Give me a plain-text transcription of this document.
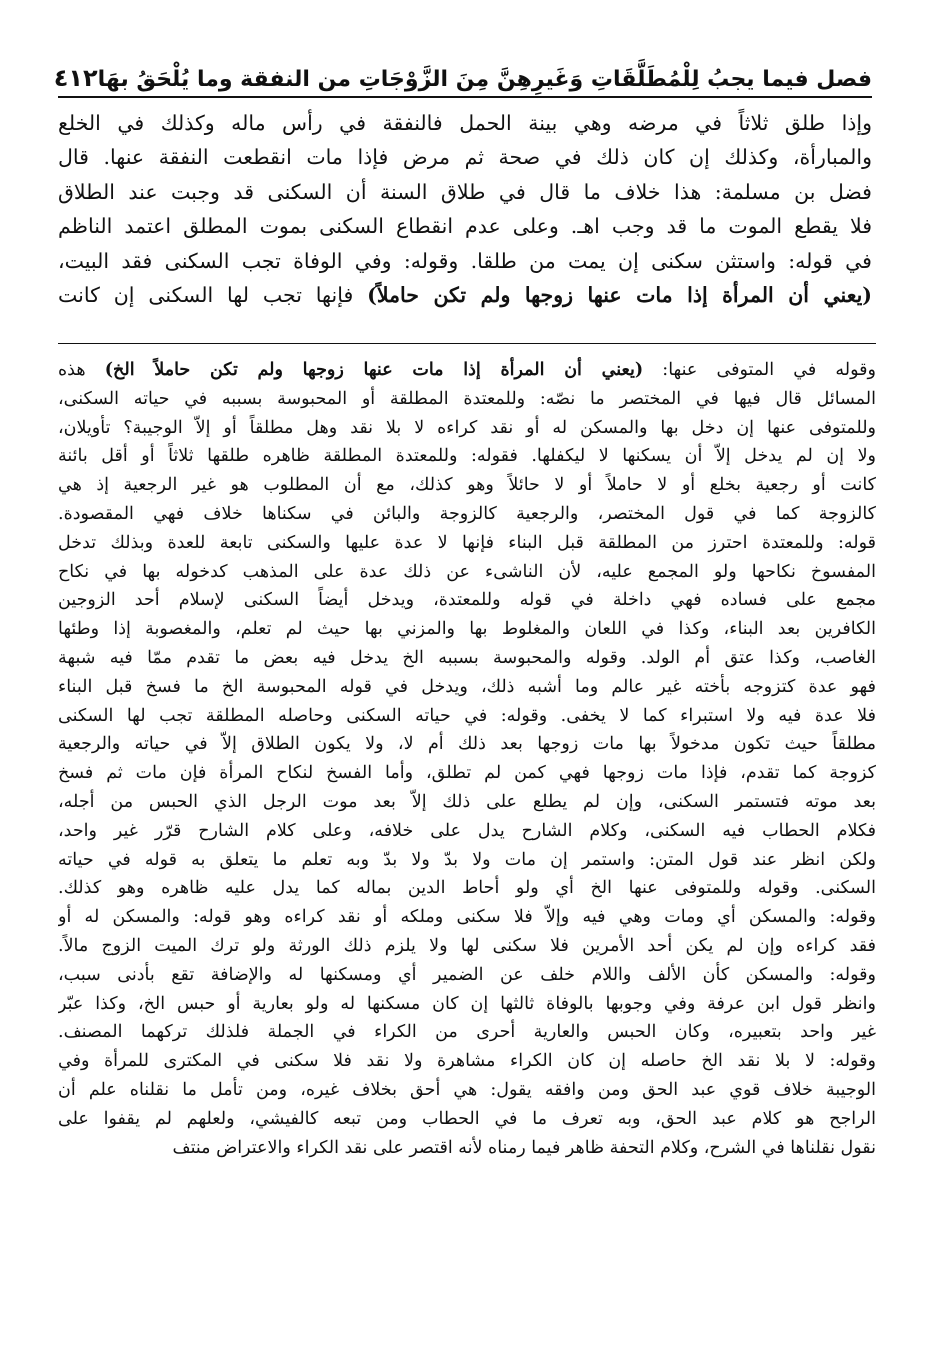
فصل فيما يجبُ لِلْمُطَلَّقَاتِ وَغَيرِهِنَّ مِنَ الزَّوْجَاتِ من النفقة وما يُلْحَقُ بهَا
٤١٢
وإذا طلق ثلاثاً في مرضه وهي بينة الحمل فالنفقة في رأس ماله وكذلك في الخلع
والمبارأة، وكذلك إن كان ذلك في صحة ثم مرض فإذا مات انقطعت النفقة عنها. قال
فضل بن مسلمة: هذا خلاف ما قال في طلاق السنة أن السكنى قد وجبت عند الطلاق
فلا يقطع الموت ما قد وجب اهـ. وعلى عدم انقطاع السكنى بموت المطلق اعتمد الناظم
في قوله: واستثن سكنى إن يمت من طلقا. وقوله: وفي الوفاة تجب السكنى فقد البيت،
(يعني أن المرأة إذا مات عنها زوجها ولم تكن حاملاً) فإنها تجب لها السكنى إن كانت
وقوله في المتوفى عنها: (يعني أن المرأة إذا مات عنها زوجها ولم تكن حاملاً الخ) هذه
المسائل قال فيها في المختصر ما نصّه: وللمعتدة المطلقة أو المحبوسة بسببه في حياته السكنى،
وللمتوفى عنها إن دخل بها والمسكن له أو نقد كراءه لا بلا نقد وهل مطلقاً أو إلاّ الوجيبة؟ تأويلان،
ولا إن لم يدخل إلاّ أن يسكنها لا ليكفلها. فقوله: وللمعتدة المطلقة ظاهره طلقها ثلاثاً أو أقل بائنة
كانت أو رجعية بخلع أو لا حاملاً أو لا حائلاً وهو كذلك، مع أن المطلوب هو غير الرجعية إذ هي
كالزوجة كما في قول المختصر، والرجعية كالزوجة والبائن في سكناها خلاف فهي المقصودة.
قوله: وللمعتدة احترز من المطلقة قبل البناء فإنها لا عدة عليها والسكنى تابعة للعدة وبذلك تدخل
المفسوخ نكاحها ولو المجمع عليه، لأن الناشىء عن ذلك عدة على المذهب كدخوله بها في نكاح
مجمع على فساده فهي داخلة في قوله وللمعتدة، ويدخل أيضاً السكنى لإسلام أحد الزوجين
الكافرين بعد البناء، وكذا في اللعان والمغلوط بها والمزني بها حيث لم تعلم، والمغصوبة إذا وطئها
الغاصب، وكذا عتق أم الولد. وقوله والمحبوسة بسببه الخ يدخل فيه بعض ما تقدم ممّا فيه شبهة
فهو عدة كتزوجه بأخته غير عالم وما أشبه ذلك، ويدخل في قوله المحبوسة الخ ما فسخ قبل البناء
فلا عدة فيه ولا استبراء كما لا يخفى. وقوله: في حياته السكنى وحاصله المطلقة تجب لها السكنى
مطلقاً حيث تكون مدخولاً بها مات زوجها بعد ذلك أم لا، ولا يكون الطلاق إلاّ في حياته والرجعية
كزوجة كما تقدم، فإذا مات زوجها فهي كمن لم تطلق، وأما الفسخ لنكاح المرأة فإن مات ثم فسخ
بعد موته فتستمر السكنى، وإن لم يطلع على ذلك إلاّ بعد موت الرجل الذي الحبس من أجله،
فكلام الحطاب فيه السكنى، وكلام الشارح يدل على خلافه، وعلى كلام الشارح قرّر غير واحد،
ولكن انظر عند قول المتن: واستمر إن مات ولا بدّ ولا بدّ وبه تعلم ما يتعلق به قوله في حياته
السكنى. وقوله وللمتوفى عنها الخ أي ولو أحاط الدين بماله كما يدل عليه ظاهره وهو كذلك.
وقوله: والمسكن أي ومات وهي فيه وإلاّ فلا سكنى وملكه أو نقد كراءه وهو قوله: والمسكن له أو
فقد كراءه وإن لم يكن أحد الأمرين فلا سكنى لها ولا يلزم ذلك الورثة ولو ترك الميت الزوج مالاً.
وقوله: والمسكن كأن الألف واللام خلف عن الضمير أي ومسكنها له والإضافة تقع بأدنى سبب،
وانظر قول ابن عرفة وفي وجوبها بالوفاة ثالثها إن كان مسكنها له ولو بعارية أو حبس الخ، وكذا عبّر
غير واحد بتعبيره، وكان الحبس والعارية أحرى من الكراء في الجملة فلذلك تركهما المصنف.
وقوله: لا بلا نقد الخ حاصله إن كان الكراء مشاهرة ولا نقد فلا سكنى في المكترى للمرأة وفي
الوجيبة خلاف قوي عبد الحق ومن وافقه يقول: هي أحق بخلاف غيره، ومن تأمل ما نقلناه علم أن
الراجح هو كلام عبد الحق، وبه تعرف ما في الحطاب ومن تبعه كالفيشي، ولعلهم لم يقفوا على
نقول نقلناها في الشرح، وكلام التحفة ظاهر فيما رمناه لأنه اقتصر على نقد الكراء والاعتراض منتف
